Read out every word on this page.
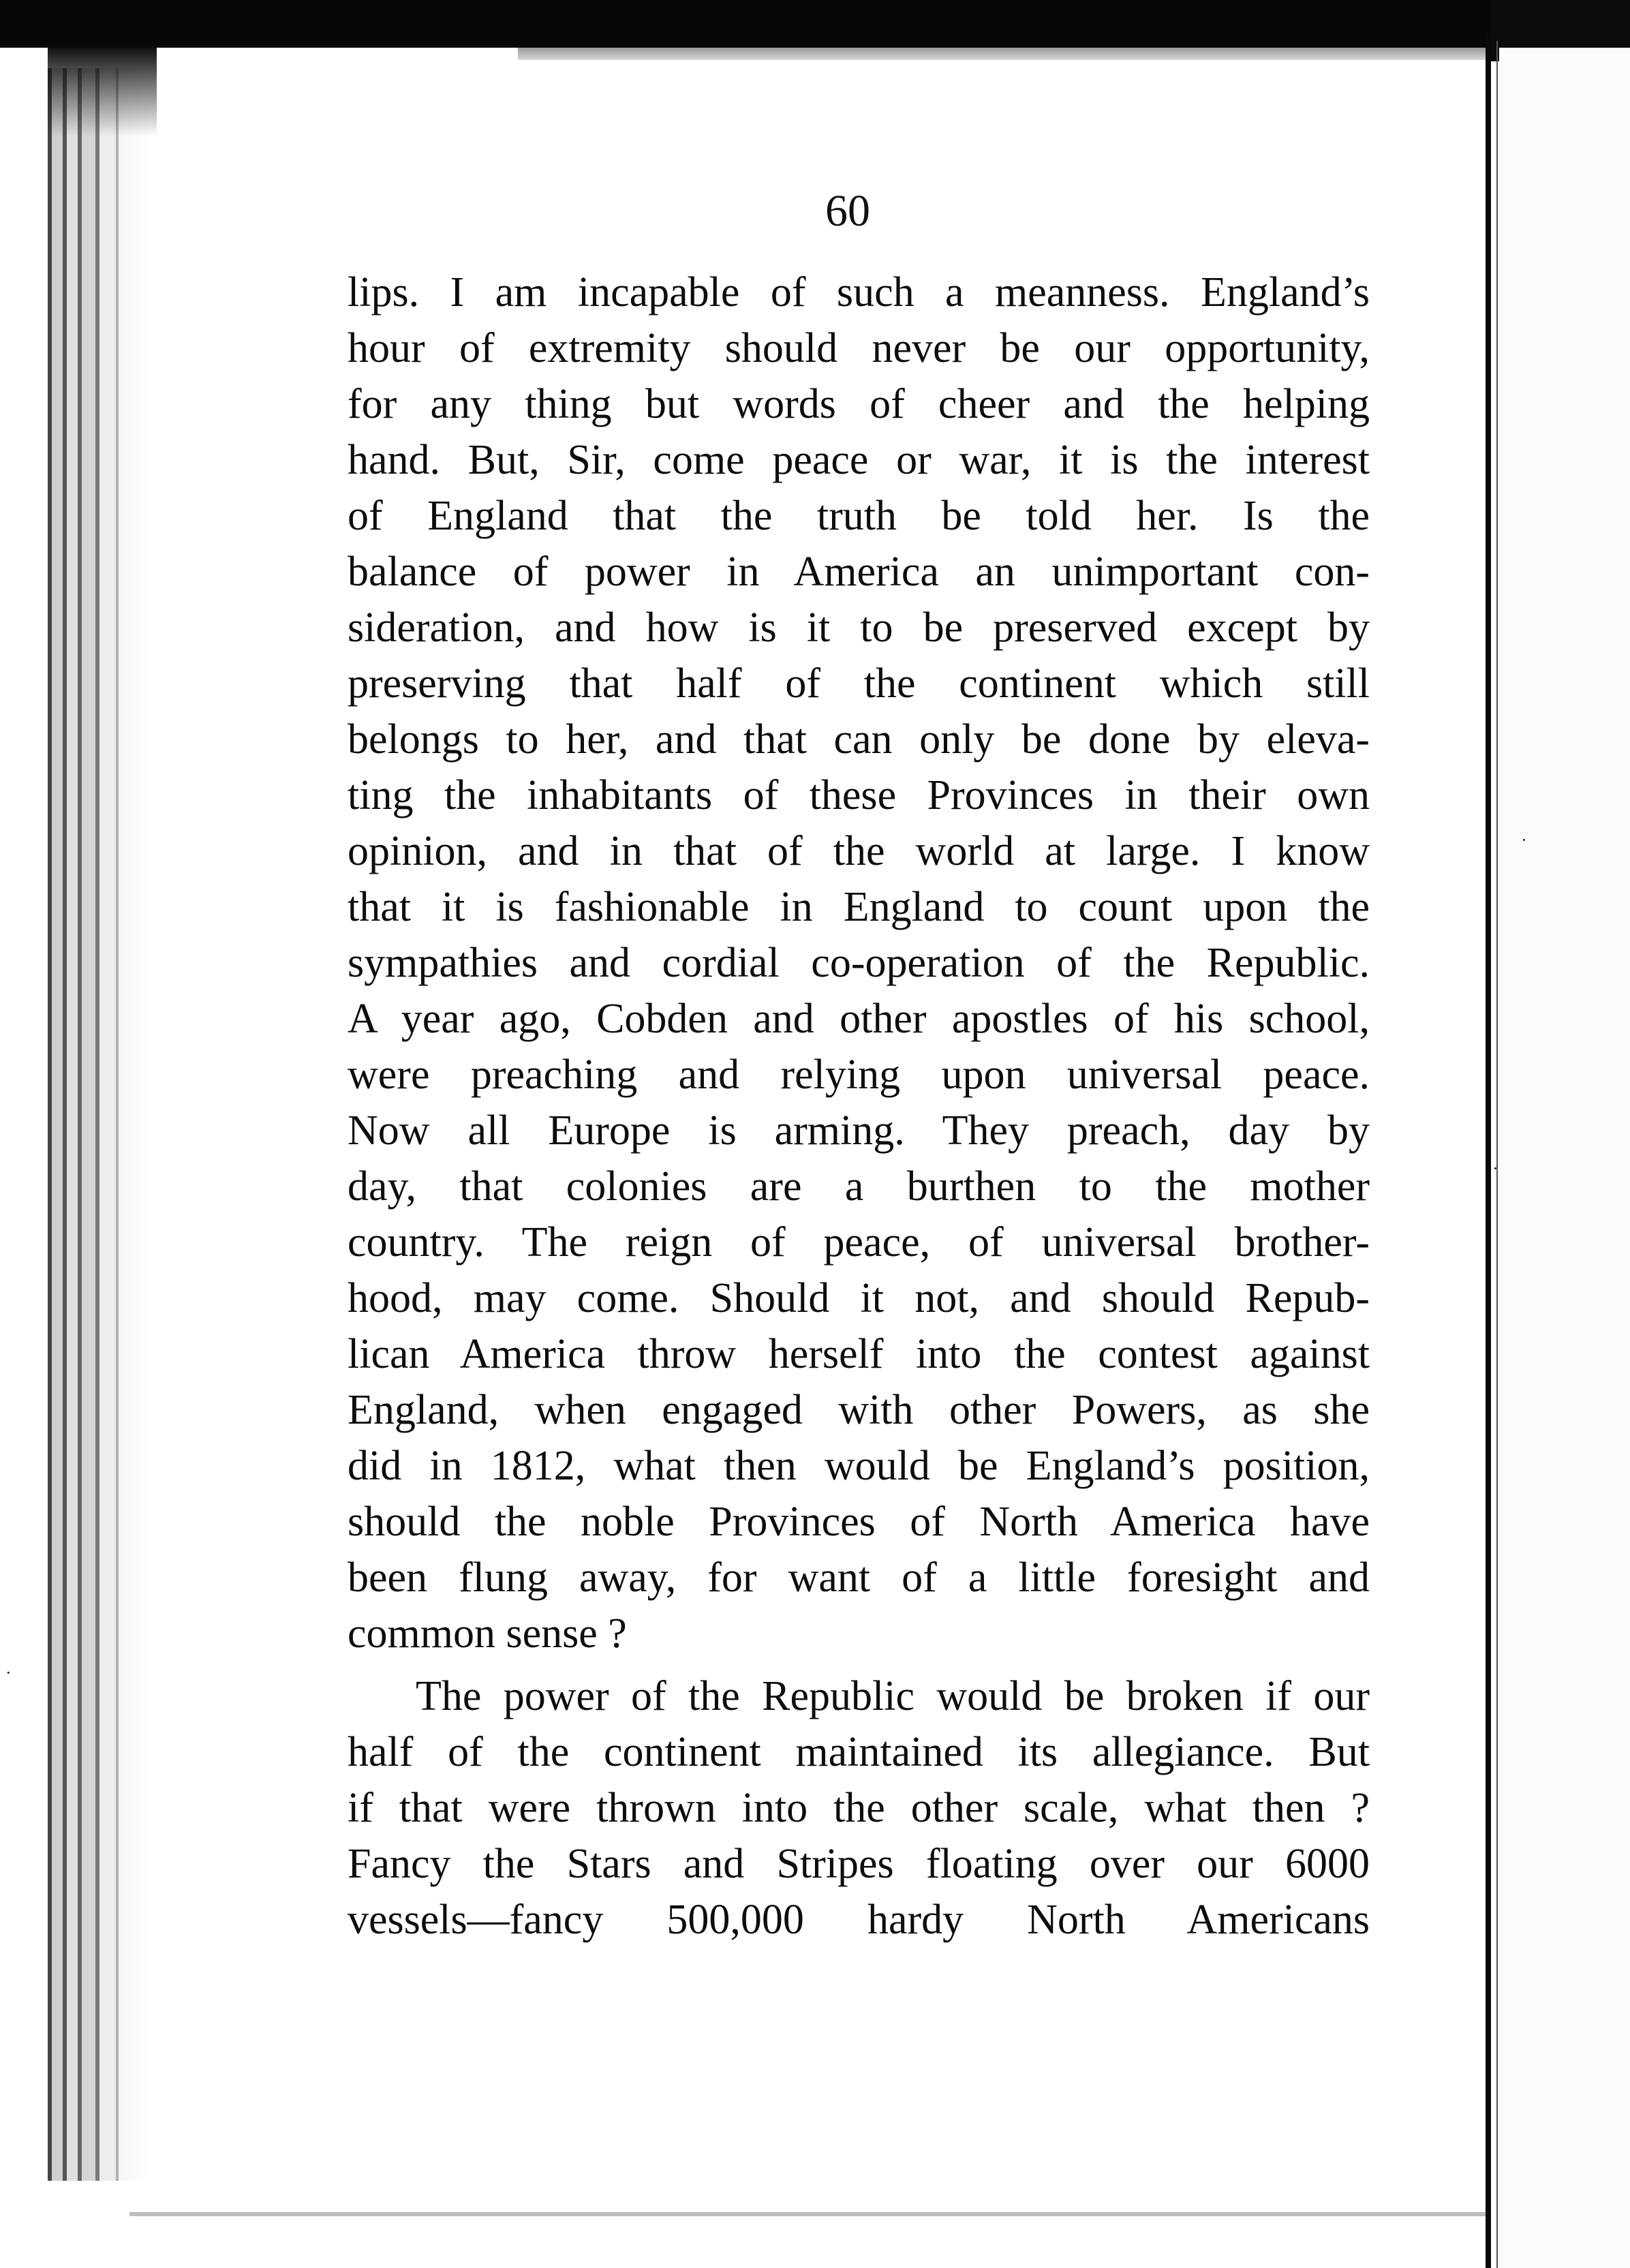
·
·
·
60
lips. I am incapable of such a meanness. England’s
hour of extremity should never be our opportunity,
for any thing but words of cheer and the helping
hand. But, Sir, come peace or war, it is the interest
of England that the truth be told her. Is the
balance of power in America an unimportant con-
sideration, and how is it to be preserved except by
preserving that half of the continent which still
belongs to her, and that can only be done by eleva-
ting the inhabitants of these Provinces in their own
opinion, and in that of the world at large. I know
that it is fashionable in England to count upon the
sympathies and cordial co-operation of the Republic.
A year ago, Cobden and other apostles of his school,
were preaching and relying upon universal peace.
Now all Europe is arming. They preach, day by
day, that colonies are a burthen to the mother
country. The reign of peace, of universal brother-
hood, may come. Should it not, and should Repub-
lican America throw herself into the contest against
England, when engaged with other Powers, as she
did in 1812, what then would be England’s position,
should the noble Provinces of North America have
been flung away, for want of a little foresight and
common sense ?
The power of the Republic would be broken if our
half of the continent maintained its allegiance. But
if that were thrown into the other scale, what then ?
Fancy the Stars and Stripes floating over our 6000
vessels—fancy 500,000 hardy North Americans
